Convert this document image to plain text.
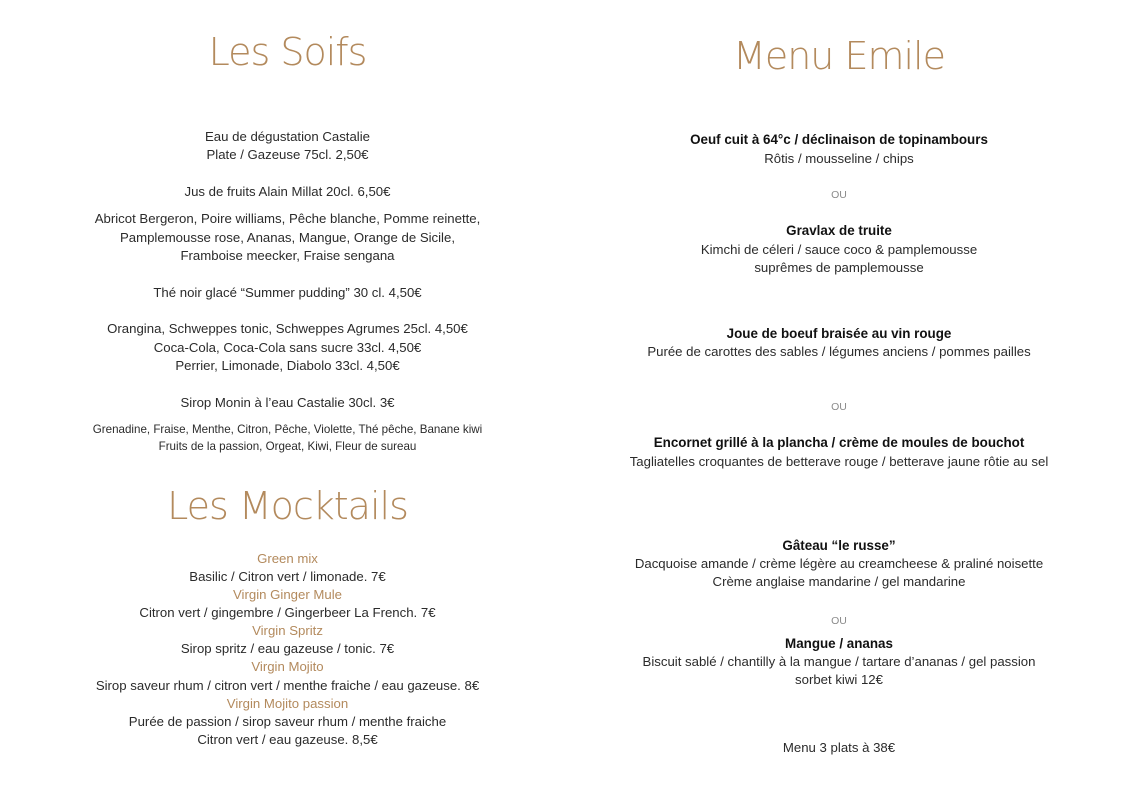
Les Soifs
Eau de dégustation Castalie
Plate / Gazeuse 75cl. 2,50€
Jus de fruits Alain Millat 20cl. 6,50€
Abricot Bergeron, Poire williams, Pêche blanche, Pomme reinette,
Pamplemousse rose, Ananas, Mangue, Orange de Sicile,
Framboise meecker, Fraise sengana
Thé noir glacé “Summer pudding” 30 cl. 4,50€
Orangina, Schweppes tonic, Schweppes Agrumes 25cl. 4,50€
Coca-Cola, Coca-Cola sans sucre 33cl. 4,50€
Perrier, Limonade, Diabolo 33cl. 4,50€
Sirop Monin à l’eau Castalie 30cl. 3€
Grenadine, Fraise, Menthe, Citron, Pêche, Violette, Thé pêche, Banane kiwi
Fruits de la passion, Orgeat, Kiwi, Fleur de sureau
Les Mocktails
Green mix
Basilic / Citron vert / limonade. 7€
Virgin Ginger Mule
Citron vert / gingembre / Gingerbeer La French. 7€
Virgin Spritz
Sirop spritz / eau gazeuse / tonic. 7€
Virgin Mojito
Sirop saveur rhum / citron vert / menthe fraiche / eau gazeuse. 8€
Virgin Mojito passion
Purée de passion / sirop saveur rhum / menthe fraiche
Citron vert / eau gazeuse. 8,5€
Menu Emile
Oeuf cuit à 64°c / déclinaison de topinambours
Rôtis / mousseline / chips
OU
Gravlax de truite
Kimchi de céleri / sauce coco & pamplemousse
suprêmes de pamplemousse
Joue de boeuf braisée au vin rouge
Purée de carottes des sables / légumes anciens / pommes pailles
OU
Encornet grillé à la plancha / crème de moules de bouchot
Tagliatelles croquantes de betterave rouge / betterave jaune rôtie au sel
Gâteau “le russe”
Dacquoise amande / crème légère au creamcheese & praliné noisette
Crème anglaise mandarine / gel mandarine
OU
Mangue / ananas
Biscuit sablé / chantilly à la mangue / tartare d’ananas / gel passion
sorbet kiwi 12€
Menu 3 plats à 38€
